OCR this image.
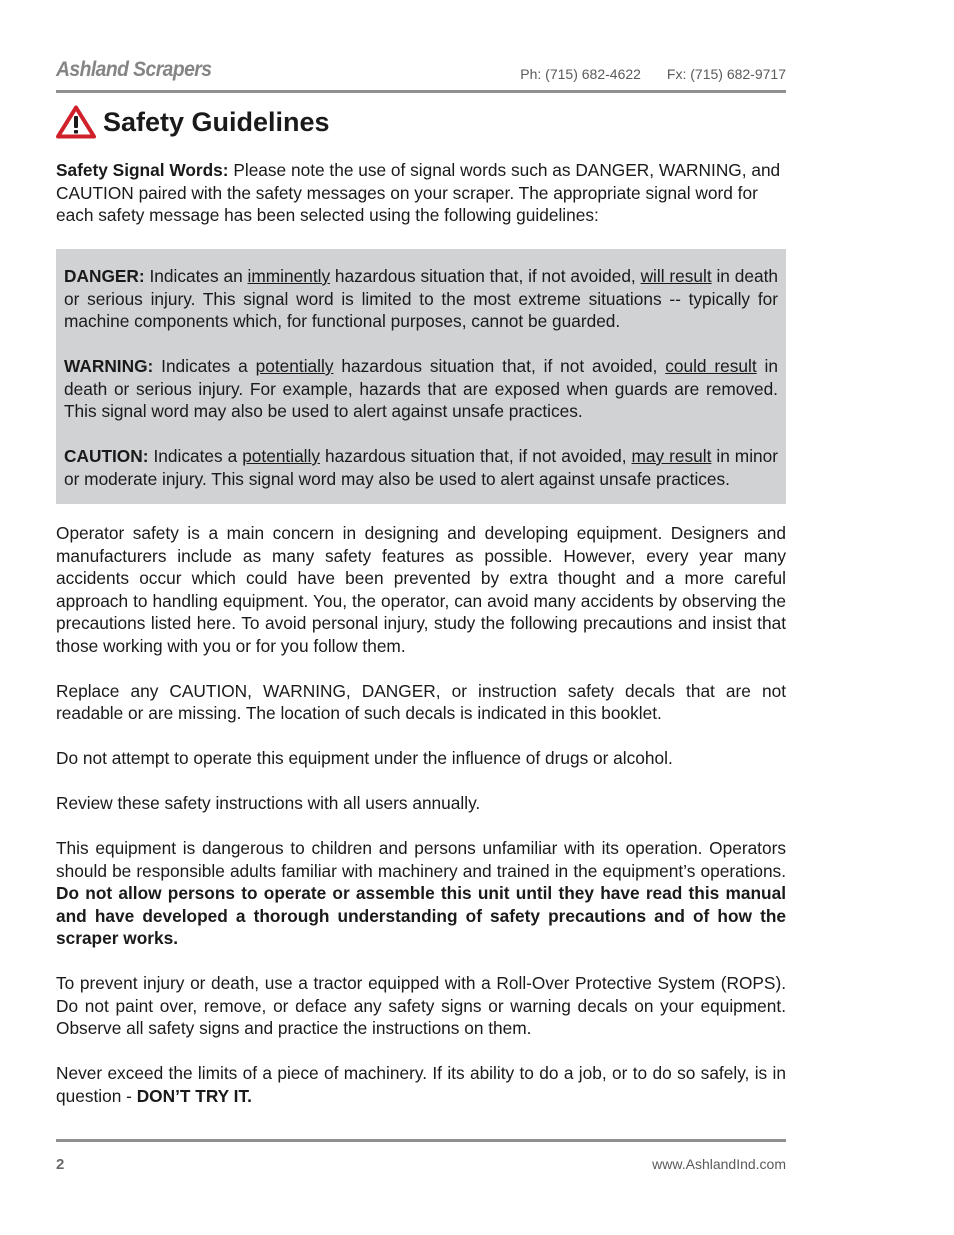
Ashland Scrapers	Ph: (715) 682-4622 Fx: (715) 682-9717
Safety Guidelines

Safety Signal Words: Please note the use of signal words such as DANGER, WARNING, and CAUTION paired with the safety messages on your scraper. The appropriate signal word for each safety message has been selected using the following guidelines:

DANGER: Indicates an imminently hazardous situation that, if not avoided, will result in death or serious injury. This signal word is limited to the most extreme situations -- typically for machine components which, for functional purposes, cannot be guarded.

WARNING: Indicates a potentially hazardous situation that, if not avoided, could result in death or serious injury. For example, hazards that are exposed when guards are removed. This signal word may also be used to alert against unsafe practices.

CAUTION: Indicates a potentially hazardous situation that, if not avoided, may result in minor or moderate injury. This signal word may also be used to alert against unsafe practices.

Operator safety is a main concern in designing and developing equipment. Designers and manufacturers include as many safety features as possible. However, every year many accidents occur which could have been prevented by extra thought and a more careful approach to handling equipment. You, the operator, can avoid many accidents by observing the precautions listed here. To avoid personal injury, study the following precautions and insist that those working with you or for you follow them.

Replace any CAUTION, WARNING, DANGER, or instruction safety decals that are not readable or are missing. The location of such decals is indicated in this booklet.

Do not attempt to operate this equipment under the influence of drugs or alcohol.

Review these safety instructions with all users annually.

This equipment is dangerous to children and persons unfamiliar with its operation. Operators should be responsible adults familiar with machinery and trained in the equipment’s operations. Do not allow persons to operate or assemble this unit until they have read this manual and have developed a thorough understanding of safety precautions and of how the scraper works.

To prevent injury or death, use a tractor equipped with a Roll-Over Protective System (ROPS). Do not paint over, remove, or deface any safety signs or warning decals on your equipment. Observe all safety signs and practice the instructions on them.

Never exceed the limits of a piece of machinery. If its ability to do a job, or to do so safely, is in question - DON’T TRY IT.

2	www.AshlandInd.com
